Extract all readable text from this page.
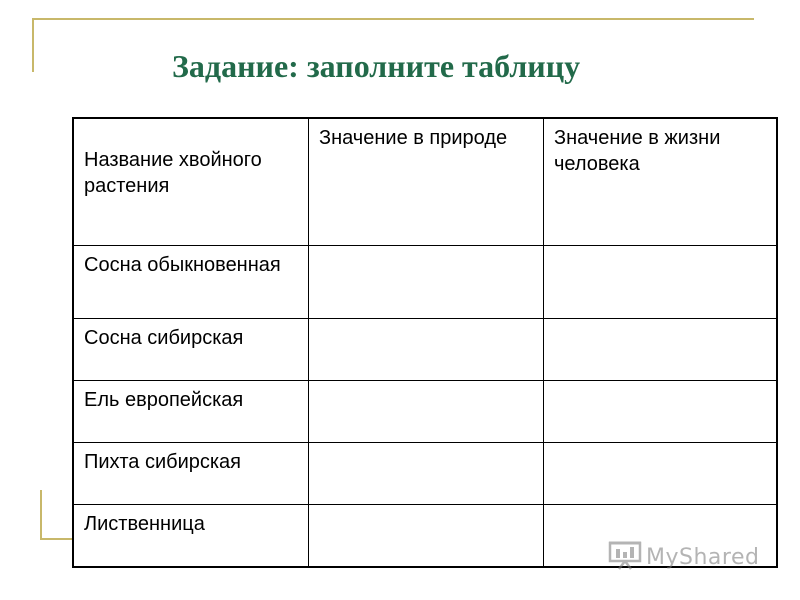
Задание: заполните таблицу
Название хвойного растения	Значение в природе	Значение в жизни человека
Сосна обыкновенная		
Сосна сибирская		
Ель европейская		
Пихта сибирская		
Лиственница		
MyShared
